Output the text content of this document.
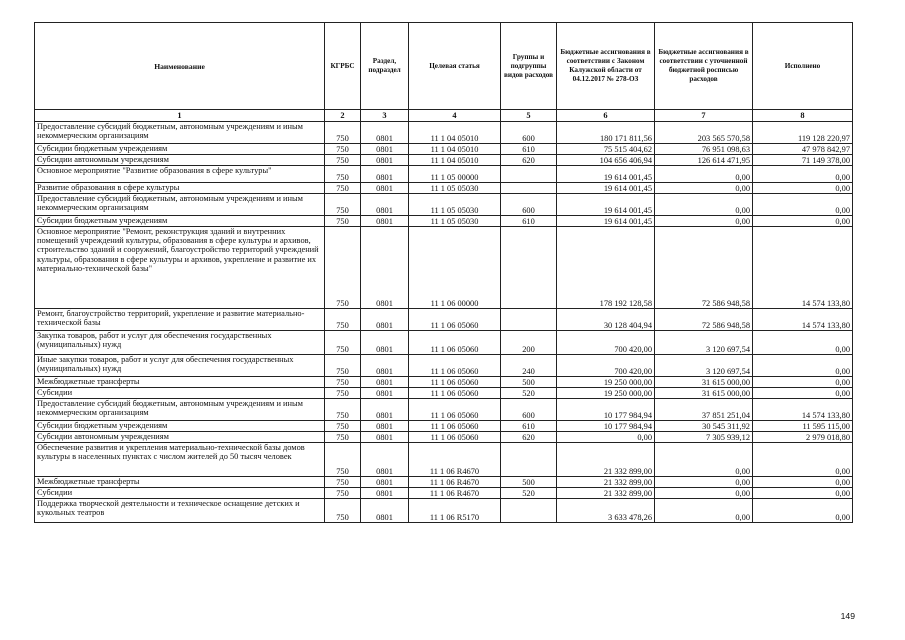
Наименование	КГРБС	Раздел, подраздел	Целевая статья	Группы и подгруппы видов расходов	Бюджетные ассигнования в соответствии с Законом Калужской области от 04.12.2017 № 278-ОЗ	Бюджетные ассигнования в соответствии с уточненной бюджетной росписью расходов	Исполнено
1	2	3	4	5	6	7	8
Предоставление субсидий бюджетным, автономным учреждениям и иным некоммерческим организациям	750	0801	11 1 04 05010	600	180 171 811,56	203 565 570,58	119 128 220,97
Субсидии бюджетным учреждениям	750	0801	11 1 04 05010	610	75 515 404,62	76 951 098,63	47 978 842,97
Субсидии автономным учреждениям	750	0801	11 1 04 05010	620	104 656 406,94	126 614 471,95	71 149 378,00
Основное мероприятие "Развитие образования в сфере культуры"	750	0801	11 1 05 00000		19 614 001,45	0,00	0,00
Развитие образования в сфере культуры	750	0801	11 1 05 05030		19 614 001,45	0,00	0,00
Предоставление субсидий бюджетным, автономным учреждениям и иным некоммерческим организациям	750	0801	11 1 05 05030	600	19 614 001,45	0,00	0,00
Субсидии бюджетным учреждениям	750	0801	11 1 05 05030	610	19 614 001,45	0,00	0,00
Основное мероприятие "Ремонт, реконструкция зданий и внутренних помещений учреждений культуры, образования в сфере культуры и архивов, строительство зданий и сооружений, благоустройство территорий учреждений культуры, образования в сфере культуры и архивов, укрепление и развитие их материально-технической базы"	750	0801	11 1 06 00000		178 192 128,58	72 586 948,58	14 574 133,80
Ремонт, благоустройство территорий, укрепление и развитие материально-технической базы	750	0801	11 1 06 05060		30 128 404,94	72 586 948,58	14 574 133,80
Закупка товаров, работ и услуг для обеспечения государственных (муниципальных) нужд	750	0801	11 1 06 05060	200	700 420,00	3 120 697,54	0,00
Иные закупки товаров, работ и услуг для обеспечения государственных (муниципальных) нужд	750	0801	11 1 06 05060	240	700 420,00	3 120 697,54	0,00
Межбюджетные трансферты	750	0801	11 1 06 05060	500	19 250 000,00	31 615 000,00	0,00
Субсидии	750	0801	11 1 06 05060	520	19 250 000,00	31 615 000,00	0,00
Предоставление субсидий бюджетным, автономным учреждениям и иным некоммерческим организациям	750	0801	11 1 06 05060	600	10 177 984,94	37 851 251,04	14 574 133,80
Субсидии бюджетным учреждениям	750	0801	11 1 06 05060	610	10 177 984,94	30 545 311,92	11 595 115,00
Субсидии автономным учреждениям	750	0801	11 1 06 05060	620	0,00	7 305 939,12	2 979 018,80
Обеспечение развития и укрепления материально-технической базы домов культуры в населенных пунктах с числом жителей до 50 тысяч человек	750	0801	11 1 06 R4670		21 332 899,00	0,00	0,00
Межбюджетные трансферты	750	0801	11 1 06 R4670	500	21 332 899,00	0,00	0,00
Субсидии	750	0801	11 1 06 R4670	520	21 332 899,00	0,00	0,00
Поддержка творческой деятельности и техническое оснащение детских и кукольных театров	750	0801	11 1 06 R5170		3 633 478,26	0,00	0,00
149
